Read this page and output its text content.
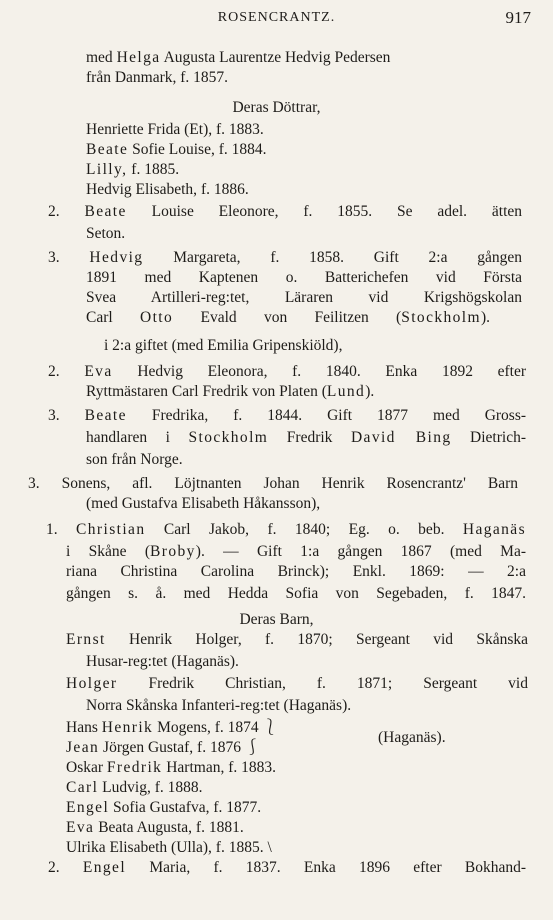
ROSENCRANTZ.	917
med Helga Augusta Laurentze Hedvig Pedersen
från Danmark, f. 1857.
Deras Döttrar,
Henriette Frida (Et), f. 1883.
Beate Sofie Louise, f. 1884.
Lilly, f. 1885.
Hedvig Elisabeth, f. 1886.
2. Beate Louise Eleonore, f. 1855. Se adel. ätten
Seton.
3. Hedvig Margareta, f. 1858. Gift 2:a gången
1891 med Kaptenen o. Batterichefen vid Första
Svea Artilleri-reg:tet, Läraren vid Krigshögskolan
Carl Otto Evald von Feilitzen (Stockholm).
i 2:a giftet (med Emilia Gripenskiöld),
2. Eva Hedvig Eleonora, f. 1840. Enka 1892 efter
Ryttmästaren Carl Fredrik von Platen (Lund).
3. Beate Fredrika, f. 1844. Gift 1877 med Gross-
handlaren i Stockholm Fredrik David Bing Dietrich-
son från Norge.
3. Sonens, afl. Löjtnanten Johan Henrik Rosencrantz' Barn
(med Gustafva Elisabeth Håkansson),
1. Christian Carl Jakob, f. 1840; Eg. o. beb. Haganäs
i Skåne (Broby). — Gift 1:a gången 1867 (med Ma-
riana Christina Carolina Brinck); Enkl. 1869: — 2:a
gången s. å. med Hedda Sofia von Segebaden, f. 1847.
Deras Barn,
Ernst Henrik Holger, f. 1870; Sergeant vid Skånska
Husar-reg:tet (Haganäs).
Holger Fredrik Christian, f. 1871; Sergeant vid
Norra Skånska Infanteri-reg:tet (Haganäs).
Hans Henrik Mogens, f. 1874 ⎱
Jean Jörgen Gustaf, f. 1876 ⎰
Oskar Fredrik Hartman, f. 1883.
Carl Ludvig, f. 1888.
Engel Sofia Gustafva, f. 1877.
Eva Beata Augusta, f. 1881.
Ulrika Elisabeth (Ulla), f. 1885. \
2. Engel Maria, f. 1837. Enka 1896 efter Bokhand-
(Haganäs).
